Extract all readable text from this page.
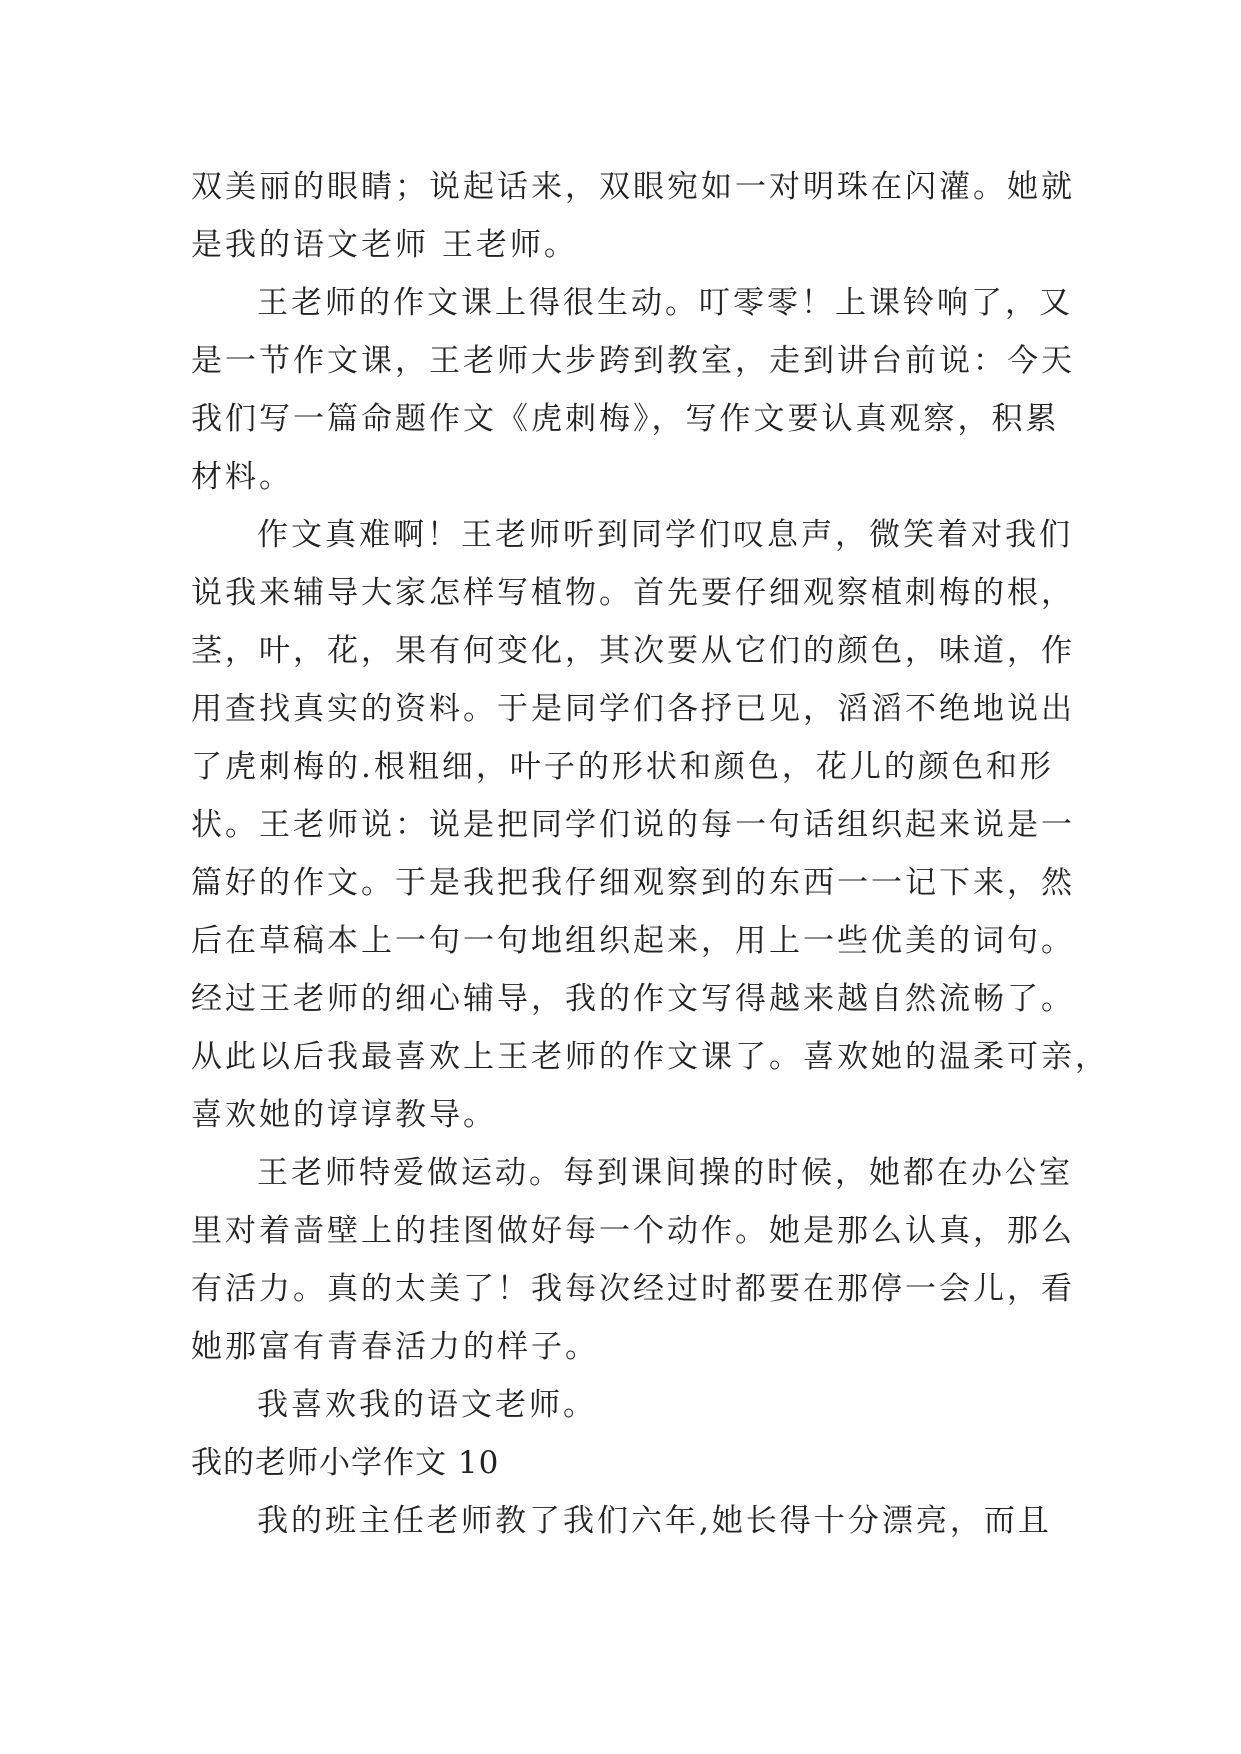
双美丽的眼睛；说起话来，双眼宛如一对明珠在闪灌。她就
是我的语文老师 王老师。
王老师的作文课上得很生动。叮零零！上课铃响了，又
是一节作文课，王老师大步跨到教室，走到讲台前说：今天
我们写一篇命题作文《虎刺梅》，写作文要认真观察，积累
材料。
作文真难啊！王老师听到同学们叹息声，微笑着对我们
说我来辅导大家怎样写植物。首先要仔细观察植刺梅的根，
茎，叶，花，果有何变化，其次要从它们的颜色，味道，作
用查找真实的资料。于是同学们各抒已见，滔滔不绝地说出
了虎刺梅的.根粗细，叶子的形状和颜色，花儿的颜色和形
状。王老师说：说是把同学们说的每一句话组织起来说是一
篇好的作文。于是我把我仔细观察到的东西一一记下来，然
后在草稿本上一句一句地组织起来，用上一些优美的词句。
经过王老师的细心辅导，我的作文写得越来越自然流畅了。
从此以后我最喜欢上王老师的作文课了。喜欢她的温柔可亲，
喜欢她的谆谆教导。
王老师特爱做运动。每到课间操的时候，她都在办公室
里对着啬壁上的挂图做好每一个动作。她是那么认真，那么
有活力。真的太美了！我每次经过时都要在那停一会儿，看
她那富有青春活力的样子。
我喜欢我的语文老师。
我的老师小学作文 10
我的班主任老师教了我们六年,她长得十分漂亮，而且
